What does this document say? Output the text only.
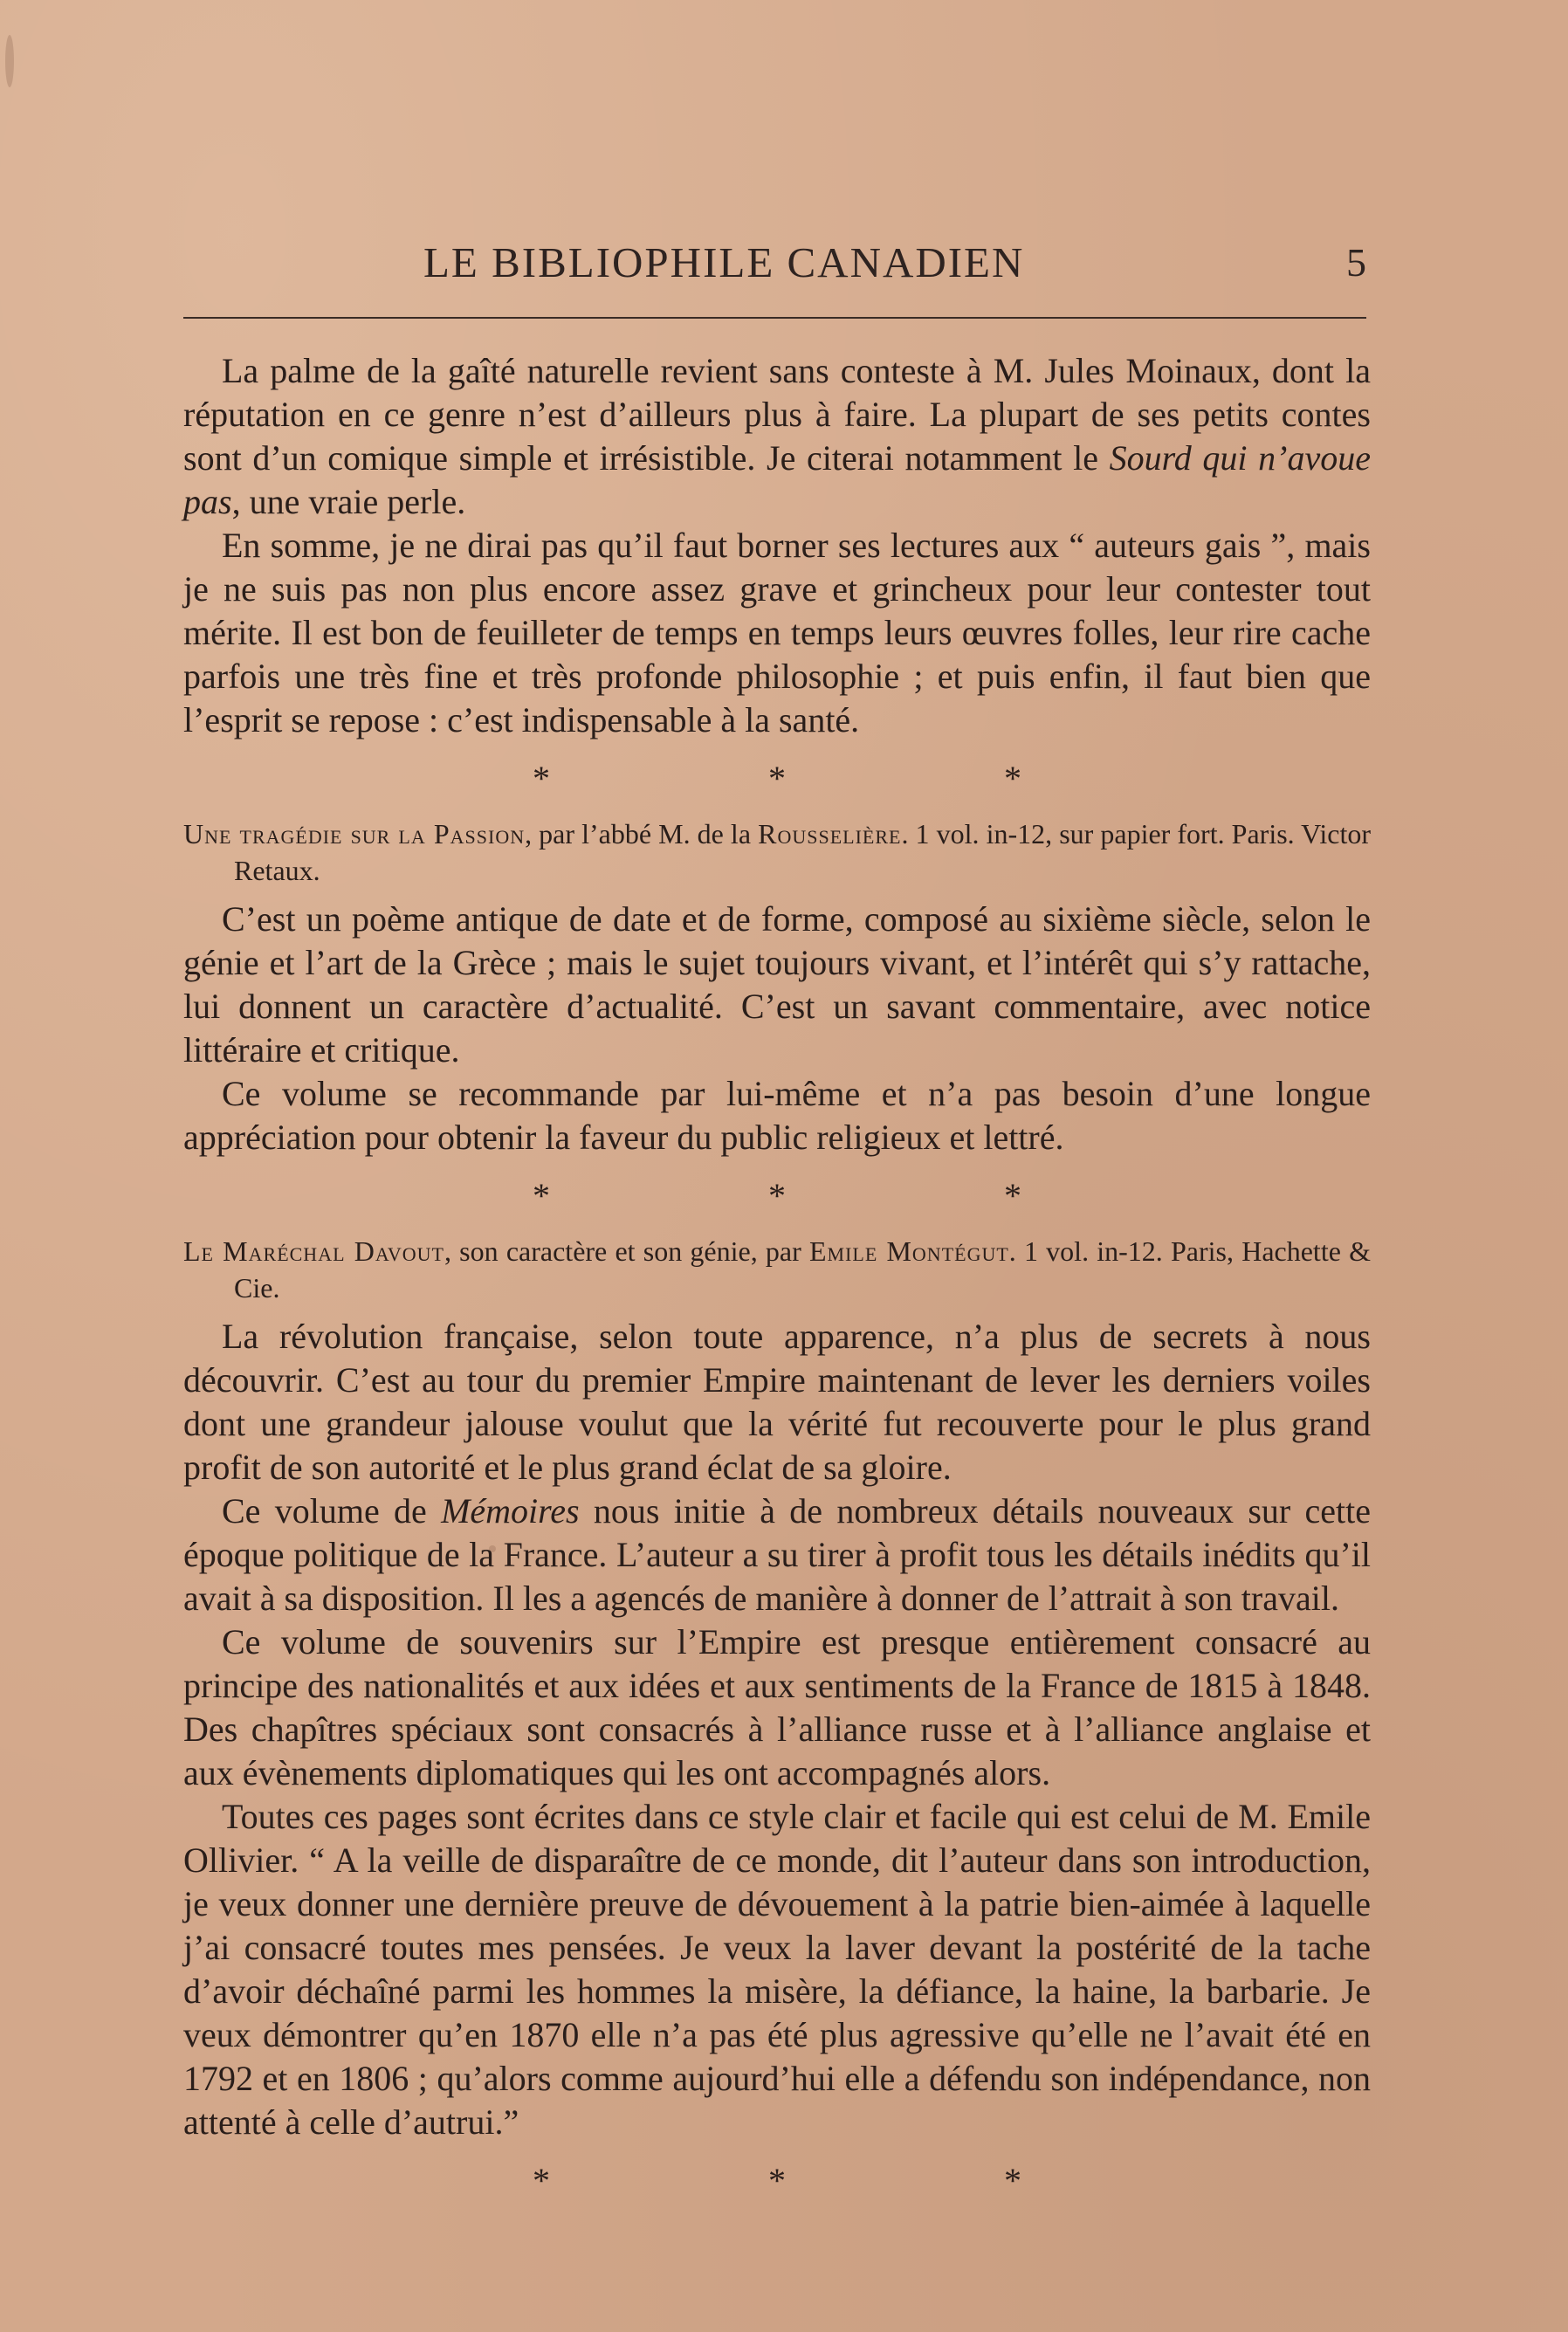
LE BIBLIOPHILE CANADIEN	5

La palme de la gaîté naturelle revient sans conteste à M. Jules Moinaux, dont la réputation en ce genre n’est d’ailleurs plus à faire. La plupart de ses petits contes sont d’un comique simple et irrésistible. Je citerai notamment le Sourd qui n’avoue pas, une vraie perle.

En somme, je ne dirai pas qu’il faut borner ses lectures aux “ auteurs gais ”, mais je ne suis pas non plus encore assez grave et grincheux pour leur contester tout mérite. Il est bon de feuilleter de temps en temps leurs œuvres folles, leur rire cache parfois une très fine et très profonde philosophie ; et puis enfin, il faut bien que l’esprit se repose : c’est indispensable à la santé.

* * *

Une tragédie sur la Passion, par l’abbé M. de la Rousselière. 1 vol. in-12, sur papier fort. Paris. Victor Retaux.

C’est un poème antique de date et de forme, composé au sixième siècle, selon le génie et l’art de la Grèce ; mais le sujet toujours vivant, et l’intérêt qui s’y rattache, lui donnent un caractère d’actualité. C’est un savant commentaire, avec notice littéraire et critique.

Ce volume se recommande par lui-même et n’a pas besoin d’une longue appréciation pour obtenir la faveur du public religieux et lettré.

* * *

Le Maréchal Davout, son caractère et son génie, par Emile Montégut. 1 vol. in-12. Paris, Hachette & Cie.

La révolution française, selon toute apparence, n’a plus de secrets à nous découvrir. C’est au tour du premier Empire maintenant de lever les derniers voiles dont une grandeur jalouse voulut que la vérité fut recouverte pour le plus grand profit de son autorité et le plus grand éclat de sa gloire.

Ce volume de Mémoires nous initie à de nombreux détails nouveaux sur cette époque politique de la France. L’auteur a su tirer à profit tous les détails inédits qu’il avait à sa disposition. Il les a agencés de manière à donner de l’attrait à son travail.

Ce volume de souvenirs sur l’Empire est presque entièrement consacré au principe des nationalités et aux idées et aux sentiments de la France de 1815 à 1848. Des chapîtres spéciaux sont consacrés à l’alliance russe et à l’alliance anglaise et aux évènements diplomatiques qui les ont accompagnés alors.

Toutes ces pages sont écrites dans ce style clair et facile qui est celui de M. Emile Ollivier. “ A la veille de disparaître de ce monde, dit l’auteur dans son introduction, je veux donner une dernière preuve de dévouement à la patrie bien-aimée à laquelle j’ai consacré toutes mes pensées. Je veux la laver devant la postérité de la tache d’avoir déchaîné parmi les hommes la misère, la défiance, la haine, la barbarie. Je veux démontrer qu’en 1870 elle n’a pas été plus agressive qu’elle ne l’avait été en 1792 et en 1806 ; qu’alors comme aujourd’hui elle a défendu son indépendance, non attenté à celle d’autrui.”

* * *
